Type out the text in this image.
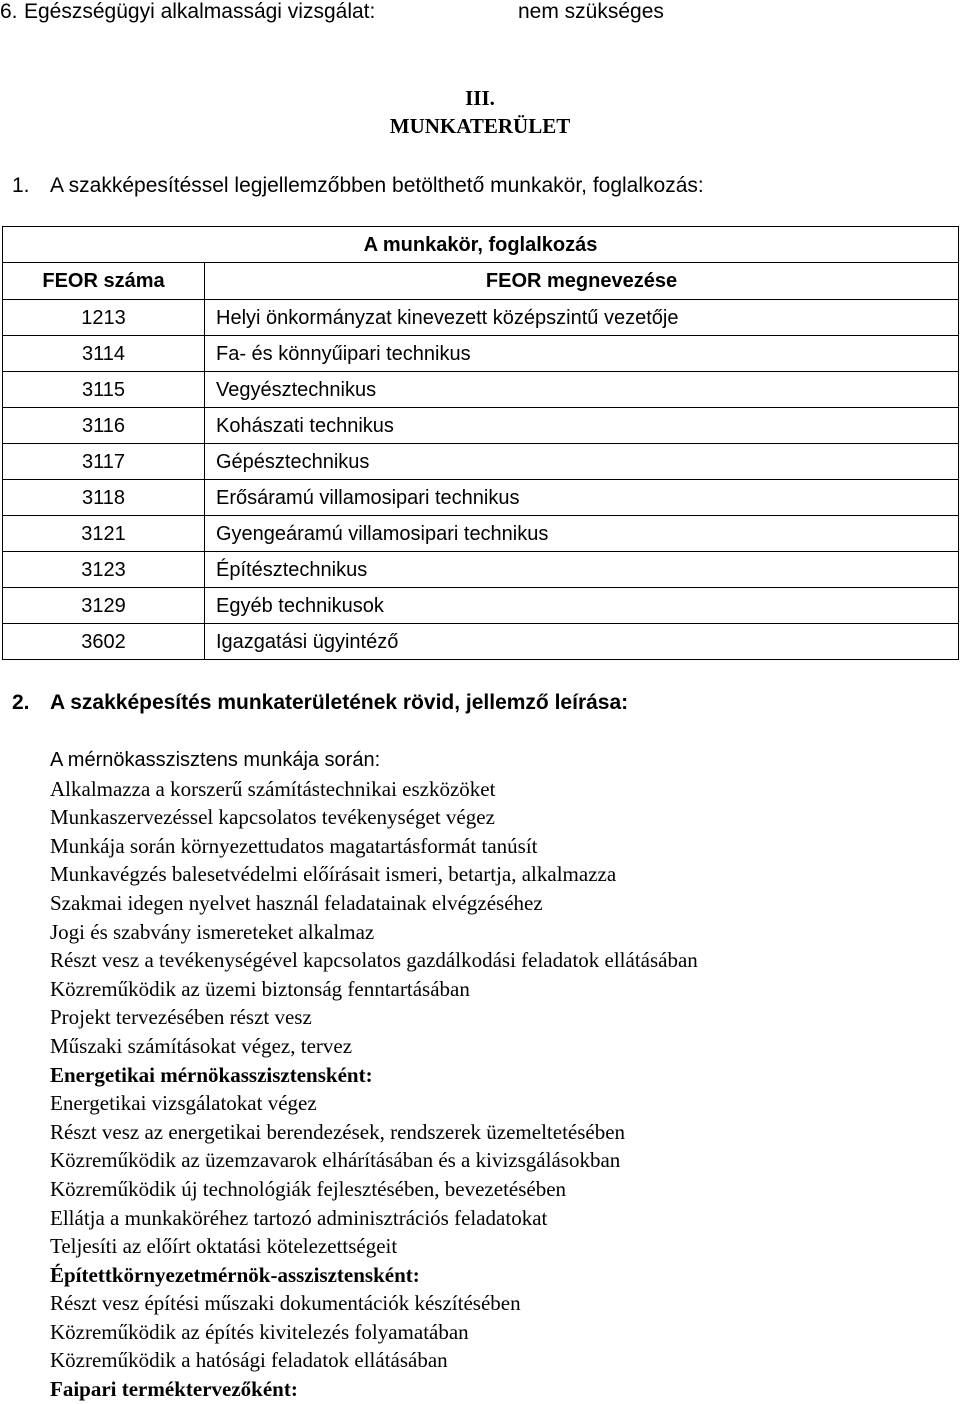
6. Egészségügyi alkalmassági vizsgálat:	nem szükséges
III.
MUNKATERÜLET
1. A szakképesítéssel legjellemzőbben betölthető munkakör, foglalkozás:
A munkakör, foglalkozás	
FEOR száma	FEOR megnevezése
1213	Helyi önkormányzat kinevezett középszintű vezetője
3114	Fa- és könnyűipari technikus
3115	Vegyésztechnikus
3116	Kohászati technikus
3117	Gépésztechnikus
3118	Erősáramú villamosipari technikus
3121	Gyengeáramú villamosipari technikus
3123	Építésztechnikus
3129	Egyéb technikusok
3602	Igazgatási ügyintéző
2. A szakképesítés munkaterületének rövid, jellemző leírása:
A mérnökasszisztens munkája során:
Alkalmazza a korszerű számítástechnikai eszközöket
Munkaszervezéssel kapcsolatos tevékenységet végez
Munkája során környezettudatos magatartásformát tanúsít
Munkavégzés balesetvédelmi előírásait ismeri, betartja, alkalmazza
Szakmai idegen nyelvet használ feladatainak elvégzéséhez
Jogi és szabvány ismereteket alkalmaz
Részt vesz a tevékenységével kapcsolatos gazdálkodási feladatok ellátásában
Közreműködik az üzemi biztonság fenntartásában
Projekt tervezésében részt vesz
Műszaki számításokat végez, tervez
Energetikai mérnökasszisztensként:
Energetikai vizsgálatokat végez
Részt vesz az energetikai berendezések, rendszerek üzemeltetésében
Közreműködik az üzemzavarok elhárításában és a kivizsgálásokban
Közreműködik új technológiák fejlesztésében, bevezetésében
Ellátja a munkaköréhez tartozó adminisztrációs feladatokat
Teljesíti az előírt oktatási kötelezettségeit
Építettkörnyezetmérnök-asszisztensként:
Részt vesz építési műszaki dokumentációk készítésében
Közreműködik az építés kivitelezés folyamatában
Közreműködik a hatósági feladatok ellátásában
Faipari terméktervezőként:
